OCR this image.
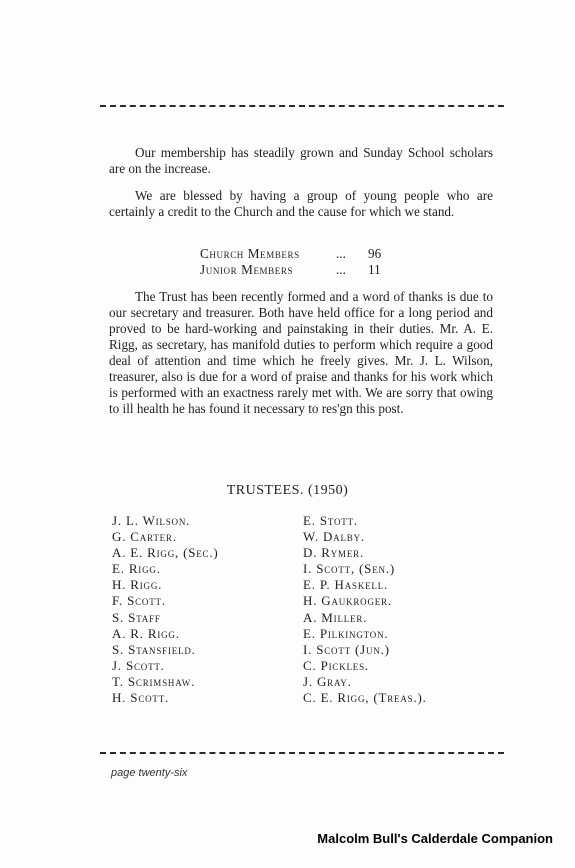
Our membership has steadily grown and Sunday School scholars are on the increase.

We are blessed by having a group of young people who are certainly a credit to the Church and the cause for which we stand.

Church Members	...	96
Junior Members	...	11

The Trust has been recently formed and a word of thanks is due to our secretary and treasurer. Both have held office for a long period and proved to be hard-working and painstaking in their duties. Mr. A. E. Rigg, as secretary, has manifold duties to perform which require a good deal of attention and time which he freely gives. Mr. J. L. Wilson, treasurer, also is due for a word of praise and thanks for his work which is performed with an exactness rarely met with. We are sorry that owing to ill health he has found it necessary to res'gn this post.

TRUSTEES. (1950)
J. L. Wilson.
G. Carter.
A. E. Rigg, (Sec.)
E. Rigg.
H. Rigg.
F. Scott.
S. Staff
A. R. Rigg.
S. Stansfield.
J. Scott.
T. Scrimshaw.
H. Scott.
E. Stott.
W. Dalby.
D. Rymer.
I. Scott, (Sen.)
E. P. Haskell.
H. Gaukroger.
A. Miller.
E. Pilkington.
I. Scott (Jun.)
C. Pickles.
J. Gray.
C. E. Rigg, (Treas.).
page twenty-six
Malcolm Bull's Calderdale Companion
